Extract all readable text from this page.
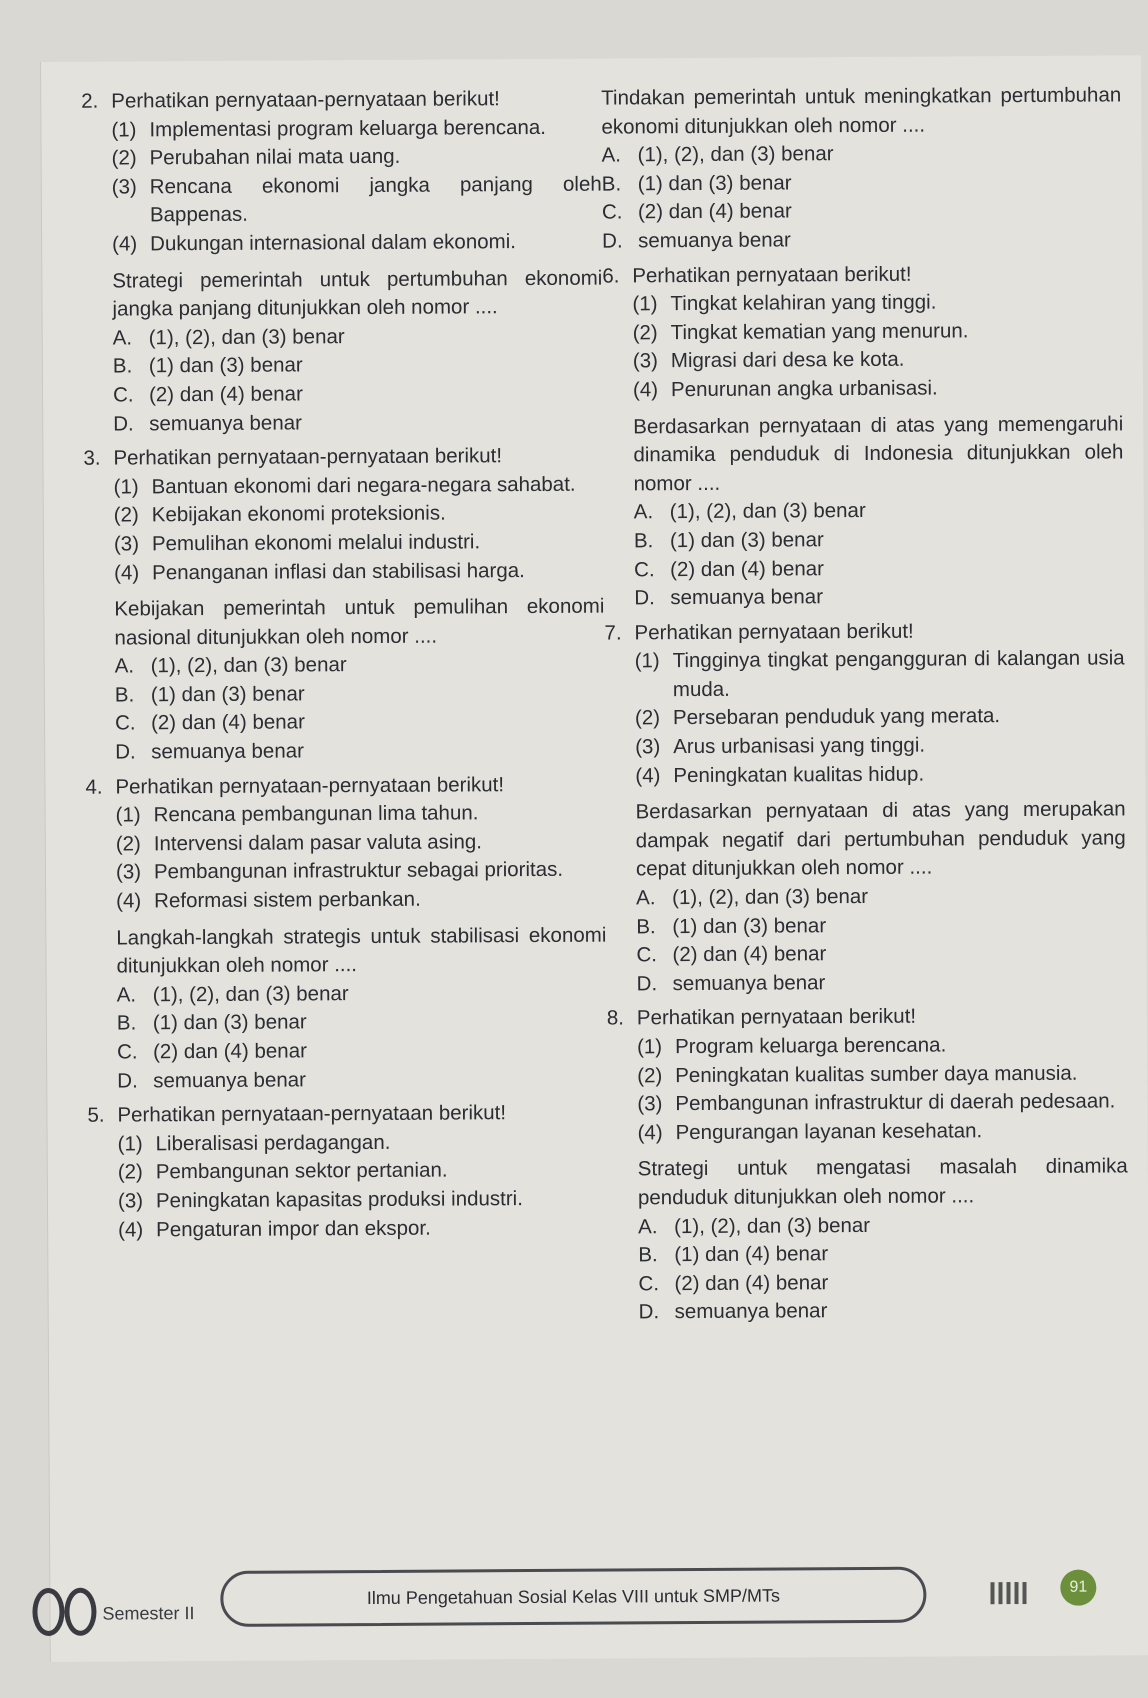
2. Perhatikan pernyataan-pernyataan berikut!
(1) Implementasi program keluarga berencana.
(2) Perubahan nilai mata uang.
(3) Rencana ekonomi jangka panjang oleh Bappenas.
(4) Dukungan internasional dalam ekonomi.
Strategi pemerintah untuk pertumbuhan ekonomi jangka panjang ditunjukkan oleh nomor ....
A. (1), (2), dan (3) benar
B. (1) dan (3) benar
C. (2) dan (4) benar
D. semuanya benar
3. Perhatikan pernyataan-pernyataan berikut!
(1) Bantuan ekonomi dari negara-negara sahabat.
(2) Kebijakan ekonomi proteksionis.
(3) Pemulihan ekonomi melalui industri.
(4) Penanganan inflasi dan stabilisasi harga.
Kebijakan pemerintah untuk pemulihan ekonomi nasional ditunjukkan oleh nomor ....
A. (1), (2), dan (3) benar
B. (1) dan (3) benar
C. (2) dan (4) benar
D. semuanya benar
4. Perhatikan pernyataan-pernyataan berikut!
(1) Rencana pembangunan lima tahun.
(2) Intervensi dalam pasar valuta asing.
(3) Pembangunan infrastruktur sebagai prioritas.
(4) Reformasi sistem perbankan.
Langkah-langkah strategis untuk stabilisasi ekonomi ditunjukkan oleh nomor ....
A. (1), (2), dan (3) benar
B. (1) dan (3) benar
C. (2) dan (4) benar
D. semuanya benar
5. Perhatikan pernyataan-pernyataan berikut!
(1) Liberalisasi perdagangan.
(2) Pembangunan sektor pertanian.
(3) Peningkatan kapasitas produksi industri.
(4) Pengaturan impor dan ekspor.
Tindakan pemerintah untuk meningkatkan pertumbuhan ekonomi ditunjukkan oleh nomor ....
A. (1), (2), dan (3) benar
B. (1) dan (3) benar
C. (2) dan (4) benar
D. semuanya benar
6. Perhatikan pernyataan berikut!
(1) Tingkat kelahiran yang tinggi.
(2) Tingkat kematian yang menurun.
(3) Migrasi dari desa ke kota.
(4) Penurunan angka urbanisasi.
Berdasarkan pernyataan di atas yang memengaruhi dinamika penduduk di Indonesia ditunjukkan oleh nomor ....
A. (1), (2), dan (3) benar
B. (1) dan (3) benar
C. (2) dan (4) benar
D. semuanya benar
7. Perhatikan pernyataan berikut!
(1) Tingginya tingkat pengangguran di kalangan usia muda.
(2) Persebaran penduduk yang merata.
(3) Arus urbanisasi yang tinggi.
(4) Peningkatan kualitas hidup.
Berdasarkan pernyataan di atas yang merupakan dampak negatif dari pertumbuhan penduduk yang cepat ditunjukkan oleh nomor ....
A. (1), (2), dan (3) benar
B. (1) dan (3) benar
C. (2) dan (4) benar
D. semuanya benar
8. Perhatikan pernyataan berikut!
(1) Program keluarga berencana.
(2) Peningkatan kualitas sumber daya manusia.
(3) Pembangunan infrastruktur di daerah pedesaan.
(4) Pengurangan layanan kesehatan.
Strategi untuk mengatasi masalah dinamika penduduk ditunjukkan oleh nomor ....
A. (1), (2), dan (3) benar
B. (1) dan (4) benar
C. (2) dan (4) benar
D. semuanya benar
Semester II
Ilmu Pengetahuan Sosial Kelas VIII untuk SMP/MTs	91
